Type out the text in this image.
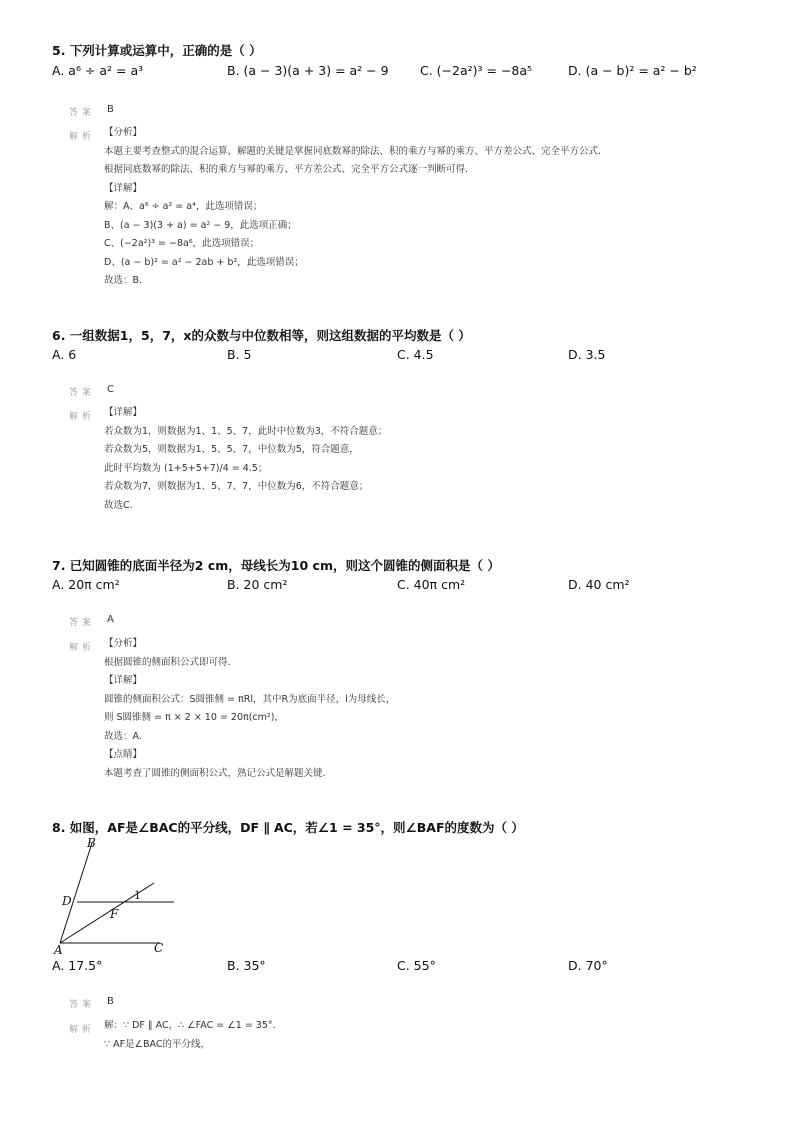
5. 下列计算或运算中，正确的是（ ）
A. a⁶ ÷ a² = a³	B. (a − 3)(a + 3) = a² − 9	C. (−2a²)³ = −8a⁵	D. (a − b)² = a² − b²
答案 B
解析 【分析】
本题主要考查整式的混合运算，解题的关键是掌握同底数幂的除法、积的乘方与幂的乘方、平方差公式、完全平方公式.
根据同底数幂的除法、积的乘方与幂的乘方、平方差公式、完全平方公式逐一判断可得.
【详解】
解：A、a⁶ ÷ a² = a⁴，此选项错误；
B、(a − 3)(3 + a) = a² − 9，此选项正确；
C、(−2a²)³ = −8a⁶，此选项错误；
D、(a − b)² = a² − 2ab + b²，此选项错误；
故选：B.
6. 一组数据1，5，7，x的众数与中位数相等，则这组数据的平均数是（ ）
A. 6	B. 5	C. 4.5	D. 3.5
答案 C
解析 【详解】
若众数为1，则数据为1、1、5、7，此时中位数为3，不符合题意；
若众数为5，则数据为1、5、5、7，中位数为5，符合题意，
此时平均数为 (1+5+5+7)/4 = 4.5；
若众数为7，则数据为1、5、7、7，中位数为6，不符合题意；
故选C.
7. 已知圆锥的底面半径为2 cm，母线长为10 cm，则这个圆锥的侧面积是（ ）
A. 20π cm²	B. 20 cm²	C. 40π cm²	D. 40 cm²
答案 A
解析 【分析】
根据圆锥的侧面积公式即可得.
【详解】
圆锥的侧面积公式：S圆锥侧 = πRl，其中R为底面半径，l为母线长，
则 S圆锥侧 = π × 2 × 10 = 20π(cm²)，
故选：A.
【点睛】
本题考查了圆锥的侧面积公式，熟记公式是解题关键.
8. 如图，AF是∠BAC的平分线，DF ∥ AC，若∠1 = 35°，则∠BAF的度数为（ ）
B
D
F
A	C
1
A. 17.5°	B. 35°	C. 55°	D. 70°
答案 B
解析 解：∵ DF ∥ AC，∴ ∠FAC = ∠1 = 35°.
∵ AF是∠BAC的平分线，
